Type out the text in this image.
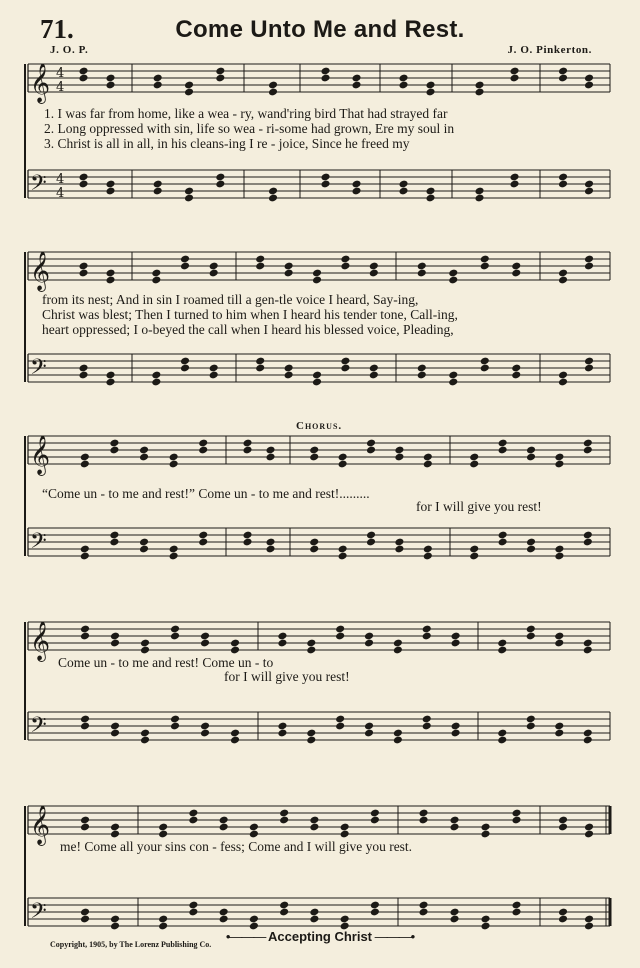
71.	Come Unto Me and Rest.
J. O. P.	J. O. Pinkerton.
𝄞 4
4
𝄢 4
4
𝄞
𝄢
𝄞
𝄢
𝄞
𝄢
𝄞
𝄢
1. I was far from home, like a wea - ry, wand'ring bird That had strayed far
2. Long oppressed with sin, life so wea - ri-some had grown, Ere my soul in
3. Christ is all in all, in his cleans-ing I re - joice, Since he freed my
from its nest; And in sin I roamed till a gen-tle voice I heard, Say-ing,
Christ was blest; Then I turned to him when I heard his tender tone, Call-ing,
heart oppressed; I o-beyed the call when I heard his blessed voice, Pleading,
Chorus.
“Come un - to me and rest!” Come un - to me and rest!.........
for I will give you rest!
Come un - to me and rest! Come un - to
for I will give you rest!
me! Come all your sins con - fess; Come and I will give you rest.
Copyright, 1905, by The Lorenz Publishing Co.
•——— Accepting Christ ———•
